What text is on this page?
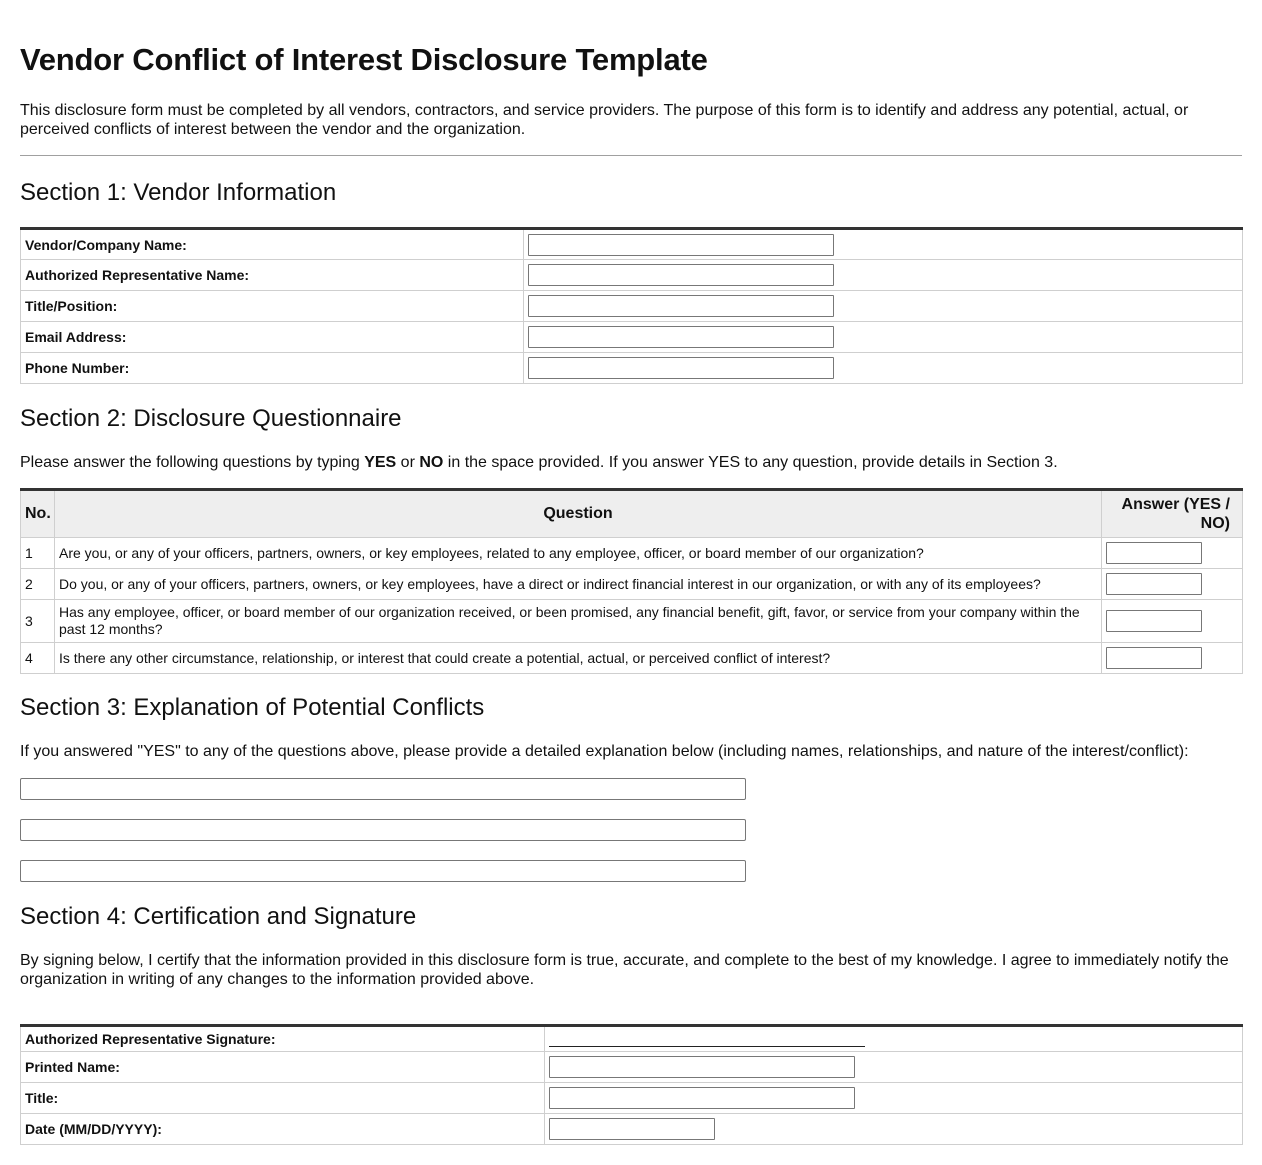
Vendor Conflict of Interest Disclosure Template

This disclosure form must be completed by all vendors, contractors, and service providers. The purpose of this form is to identify and address any potential, actual, or perceived conflicts of interest between the vendor and the organization.

Section 1: Vendor Information
Vendor/Company Name:	

Authorized Representative Name:	

Title/Position:	

Email Address:	

Phone Number:	
Section 2: Disclosure Questionnaire

Please answer the following questions by typing YES or NO in the space provided. If you answer YES to any question, provide details in Section 3.

No.	Question	Answer (YES / NO)
1	Are you, or any of your officers, partners, owners, or key employees, related to any employee, officer, or board member of our organization?	

2	Do you, or any of your officers, partners, owners, or key employees, have a direct or indirect financial interest in our organization, or with any of its employees?	

3	Has any employee, officer, or board member of our organization received, or been promised, any financial benefit, gift, favor, or service from your company within the past 12 months?	

4	Is there any other circumstance, relationship, or interest that could create a potential, actual, or perceived conflict of interest?	
Section 3: Explanation of Potential Conflicts

If you answered "YES" to any of the questions above, please provide a detailed explanation below (including names, relationships, and nature of the interest/conflict):

Section 4: Certification and Signature

By signing below, I certify that the information provided in this disclosure form is true, accurate, and complete to the best of my knowledge. I agree to immediately notify the organization in writing of any changes to the information provided above.

Authorized Representative Signature:	
Printed Name:	

Title:	

Date (MM/DD/YYYY):	
